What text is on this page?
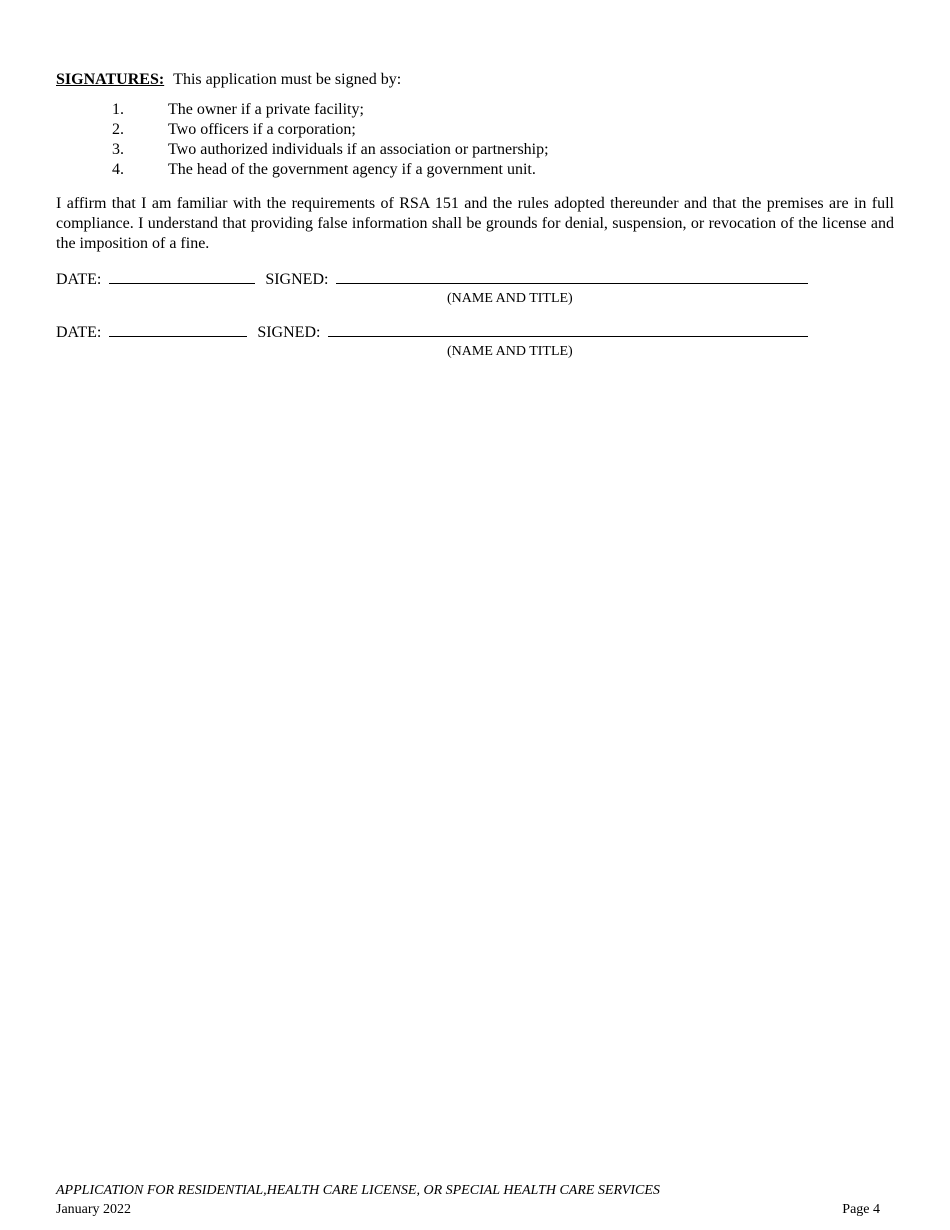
SIGNATURES: This application must be signed by:
1.	The owner if a private facility;
2.	Two officers if a corporation;
3.	Two authorized individuals if an association or partnership;
4.	The head of the government agency if a government unit.

I affirm that I am familiar with the requirements of RSA 151 and the rules adopted thereunder and that the premises are in full compliance. I understand that providing false information shall be grounds for denial, suspension, or revocation of the license and the imposition of a fine.

DATE:	SIGNED:
(NAME AND TITLE)
DATE:	SIGNED:
(NAME AND TITLE)
APPLICATION FOR RESIDENTIAL,HEALTH CARE LICENSE, OR SPECIAL HEALTH CARE SERVICES
January 2022	Page 4
